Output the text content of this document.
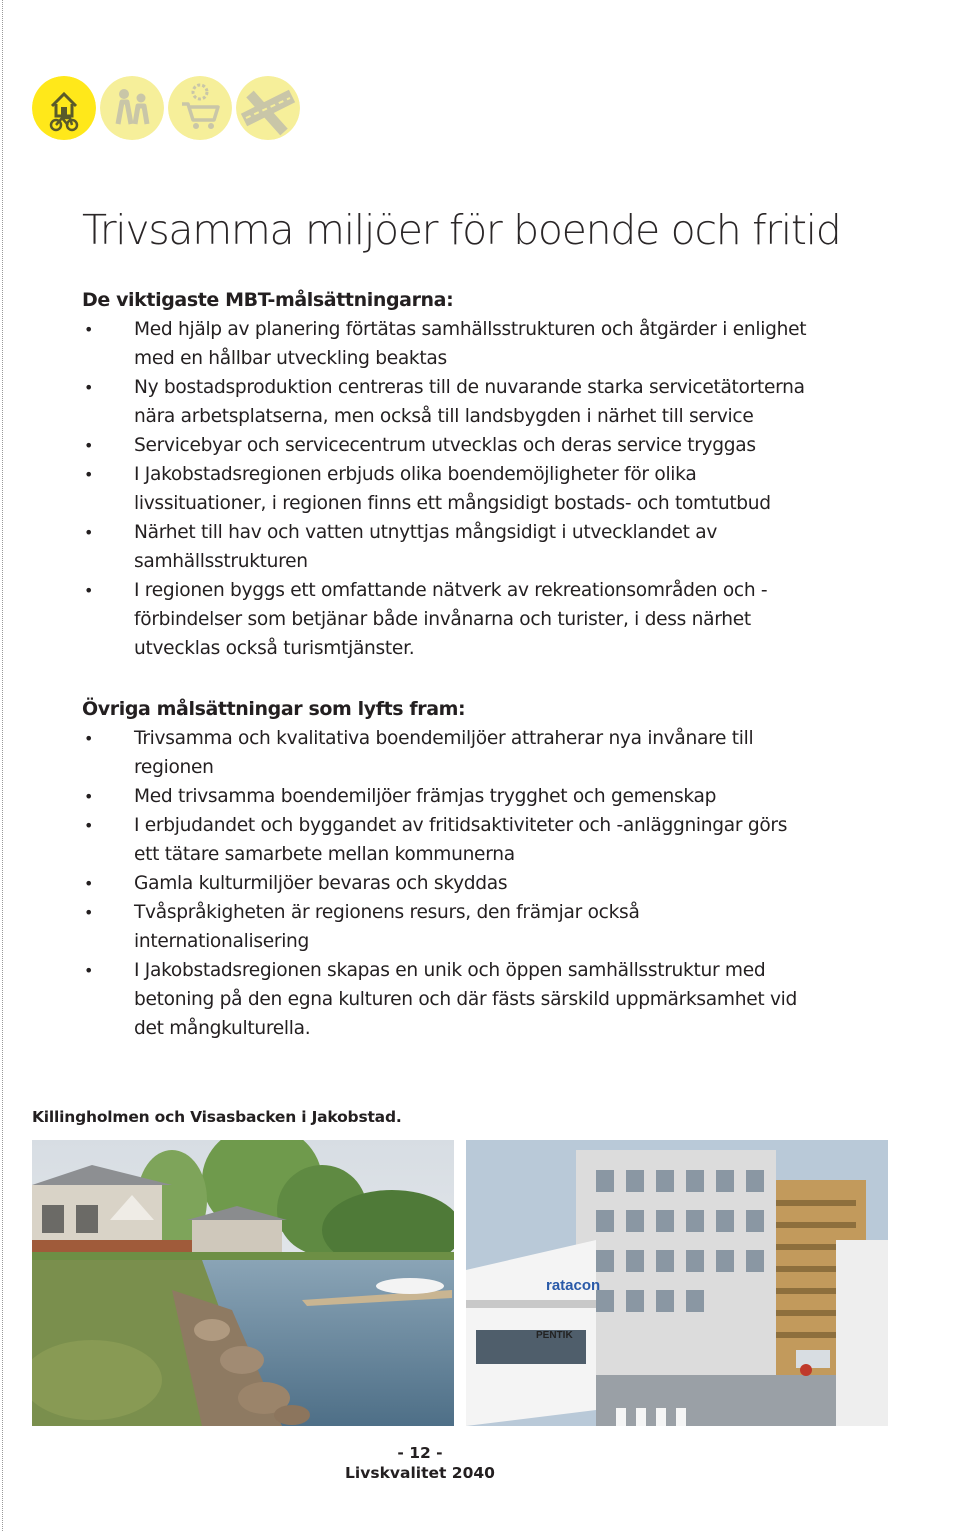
Trivsamma miljöer för boende och fritid
De viktigaste MBT-målsättningarna:
• Med hjälp av planering förtätas samhällsstrukturen och åtgärder i enlighet med en hållbar utveckling beaktas
• Ny bostadsproduktion centreras till de nuvarande starka servicetätorterna nära arbetsplatserna, men också till landsbygden i närhet till service
• Servicebyar och servicecentrum utvecklas och deras service tryggas
• I Jakobstadsregionen erbjuds olika boendemöjligheter för olika livssituationer, i regionen finns ett mångsidigt bostads- och tomtutbud
• Närhet till hav och vatten utnyttjas mångsidigt i utvecklandet av samhällsstrukturen
• I regionen byggs ett omfattande nätverk av rekreationsområden och -förbindelser som betjänar både invånarna och turister, i dess närhet utvecklas också turismtjänster.
Övriga målsättningar som lyfts fram:
• Trivsamma och kvalitativa boendemiljöer attraherar nya invånare till regionen
• Med trivsamma boendemiljöer främjas trygghet och gemenskap
• I erbjudandet och byggandet av fritidsaktiviteter och -anläggningar görs ett tätare samarbete mellan kommunerna
• Gamla kulturmiljöer bevaras och skyddas
• Tvåspråkigheten är regionens resurs, den främjar också internationalisering
• I Jakobstadsregionen skapas en unik och öppen samhällsstruktur med betoning på den egna kulturen och där fästs särskild uppmärksamhet vid det mångkulturella.

Killingholmen och Visasbacken i Jakobstad.

ratacon
PENTIK
- 12 -
Livskvalitet 2040
